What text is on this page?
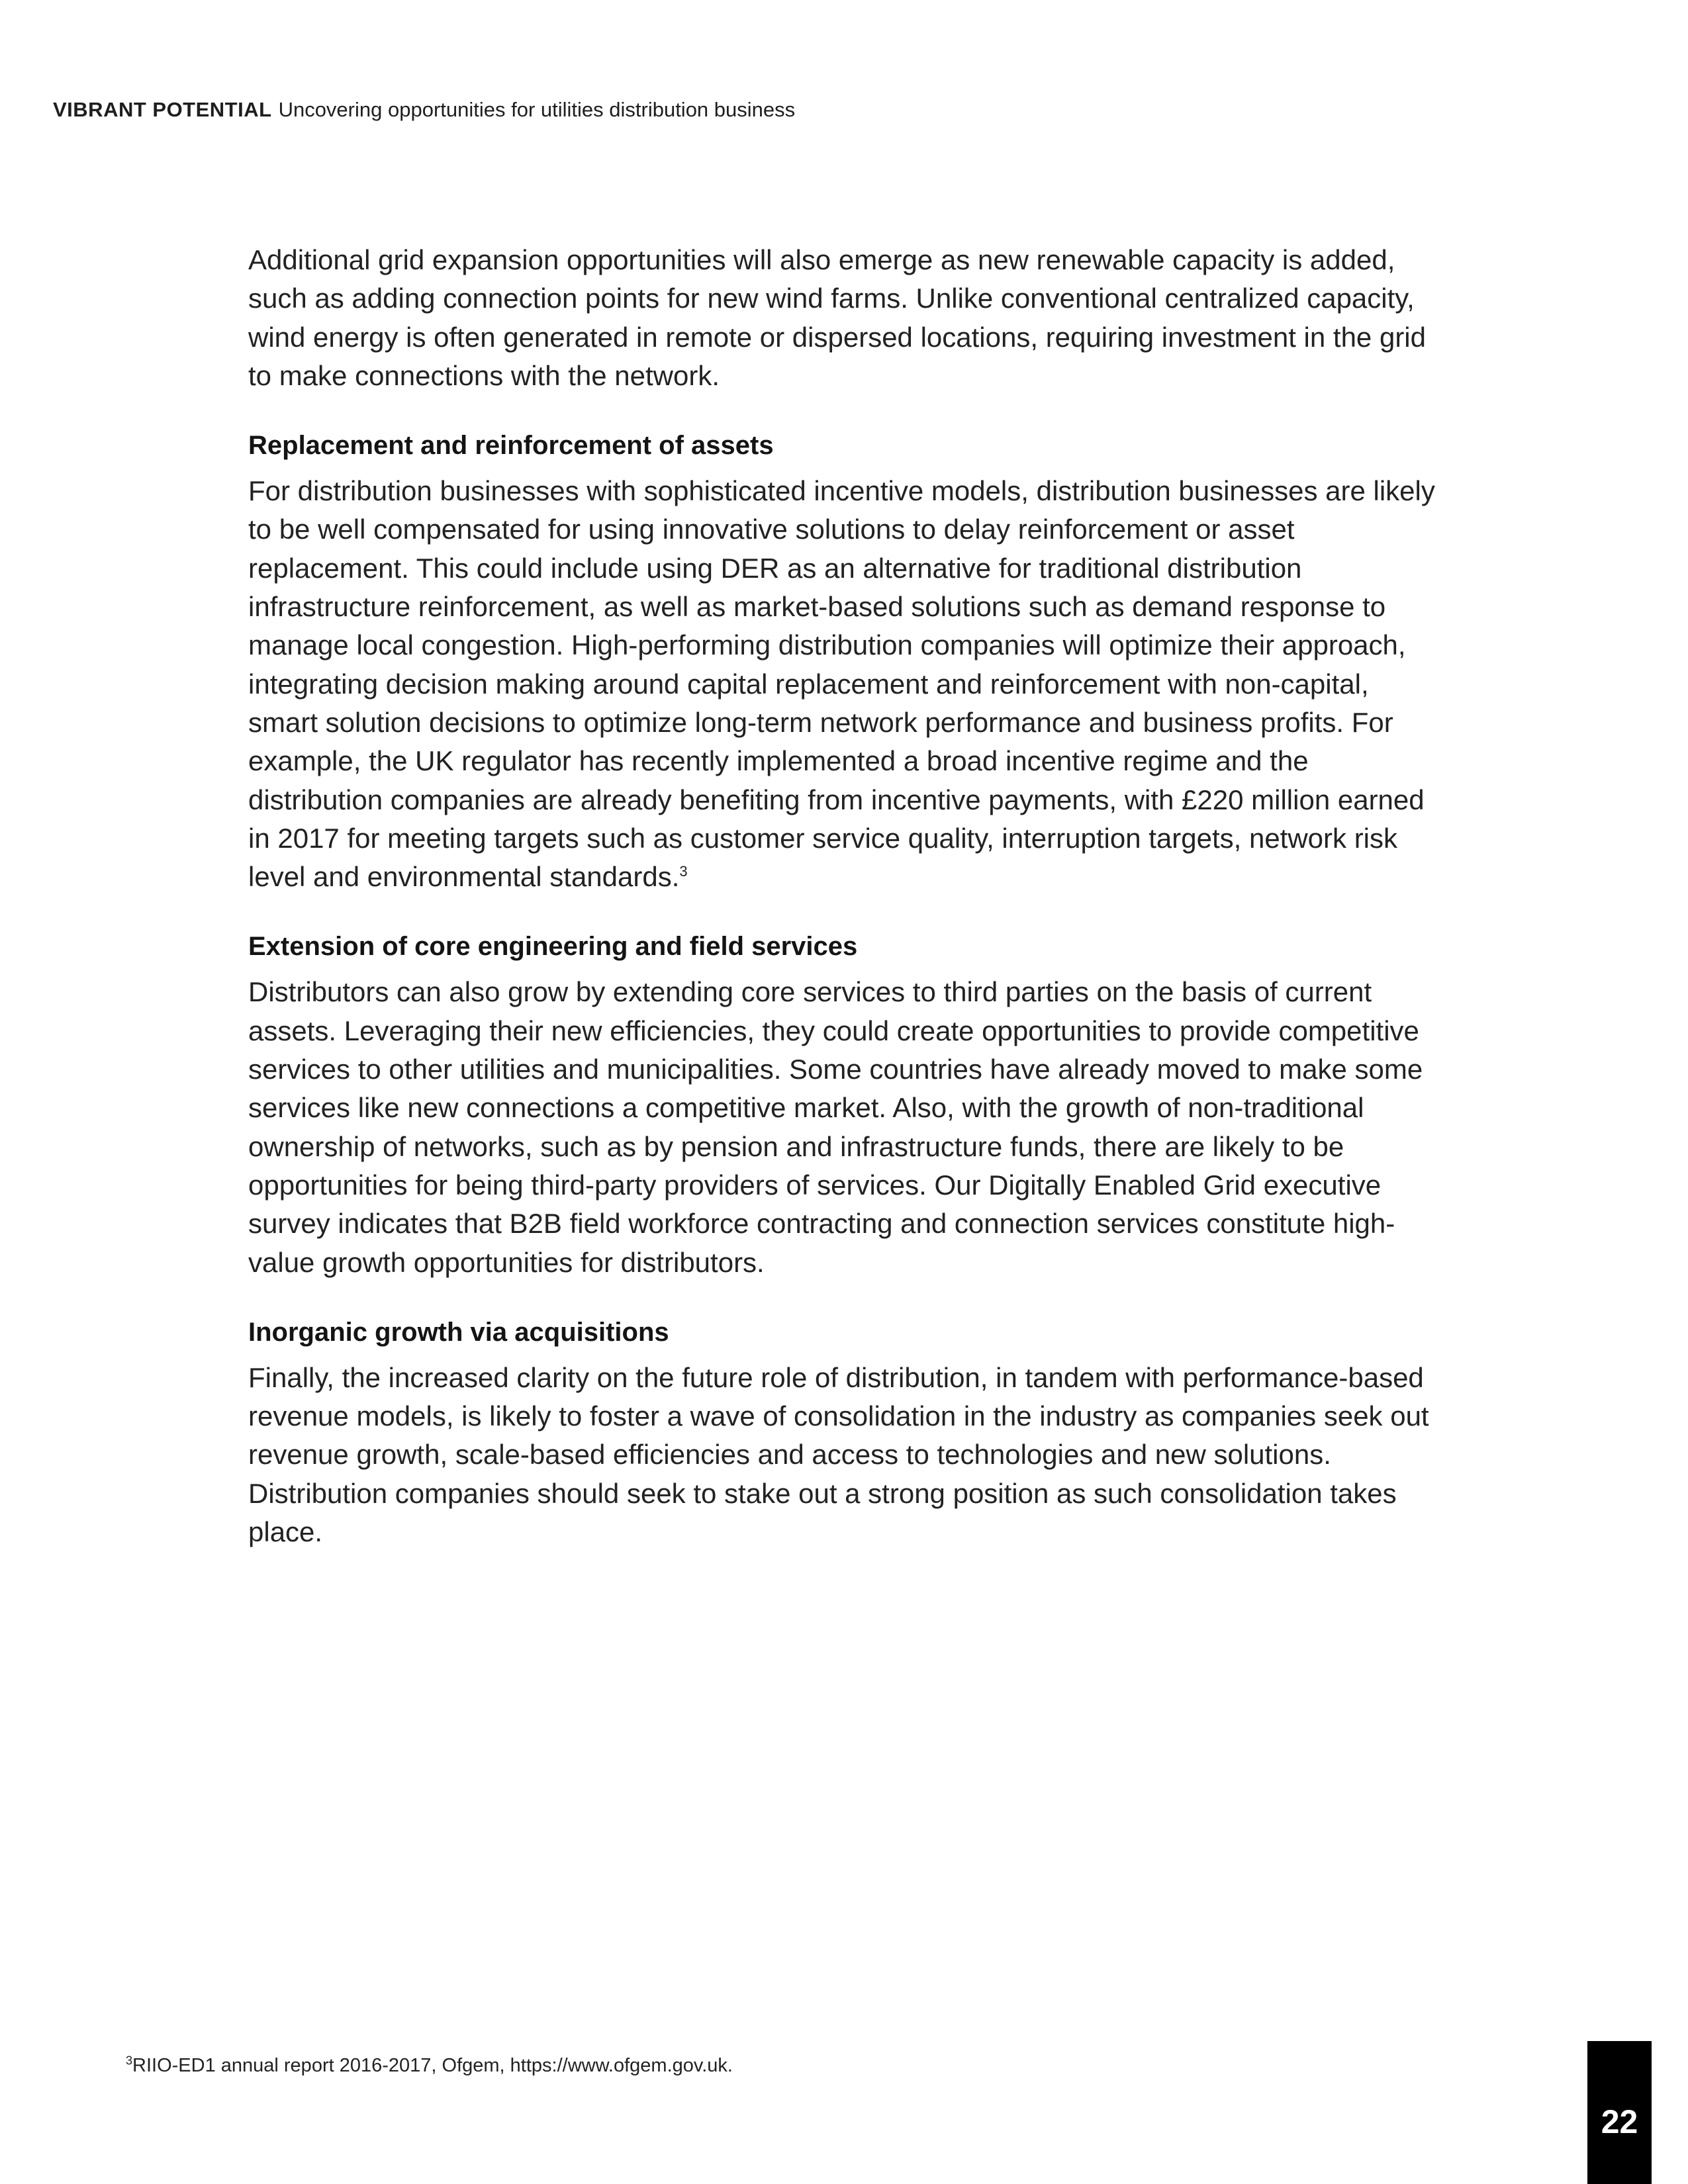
VIBRANT POTENTIAL Uncovering opportunities for utilities distribution business

Additional grid expansion opportunities will also emerge as new renewable capacity is added, such as adding connection points for new wind farms. Unlike conventional centralized capacity, wind energy is often generated in remote or dispersed locations, requiring investment in the grid to make connections with the network.

Replacement and reinforcement of assets

For distribution businesses with sophisticated incentive models, distribution businesses are likely to be well compensated for using innovative solutions to delay reinforcement or asset replacement. This could include using DER as an alternative for traditional distribution infrastructure reinforcement, as well as market-based solutions such as demand response to manage local congestion. High-performing distribution companies will optimize their approach, integrating decision making around capital replacement and reinforcement with non-capital, smart solution decisions to optimize long-term network performance and business profits. For example, the UK regulator has recently implemented a broad incentive regime and the distribution companies are already benefiting from incentive payments, with £220 million earned in 2017 for meeting targets such as customer service quality, interruption targets, network risk level and environmental standards.$^3$

Extension of core engineering and field services

Distributors can also grow by extending core services to third parties on the basis of current assets. Leveraging their new efficiencies, they could create opportunities to provide competitive services to other utilities and municipalities. Some countries have already moved to make some services like new connections a competitive market. Also, with the growth of non-traditional ownership of networks, such as by pension and infrastructure funds, there are likely to be opportunities for being third-party providers of services. Our Digitally Enabled Grid executive survey indicates that B2B field workforce contracting and connection services constitute high-value growth opportunities for distributors.

Inorganic growth via acquisitions

Finally, the increased clarity on the future role of distribution, in tandem with performance-based revenue models, is likely to foster a wave of consolidation in the industry as companies seek out revenue growth, scale-based efficiencies and access to technologies and new solutions. Distribution companies should seek to stake out a strong position as such consolidation takes place.

$^3$RIIO-ED1 annual report 2016-2017, Ofgem, https://www.ofgem.gov.uk.
22
